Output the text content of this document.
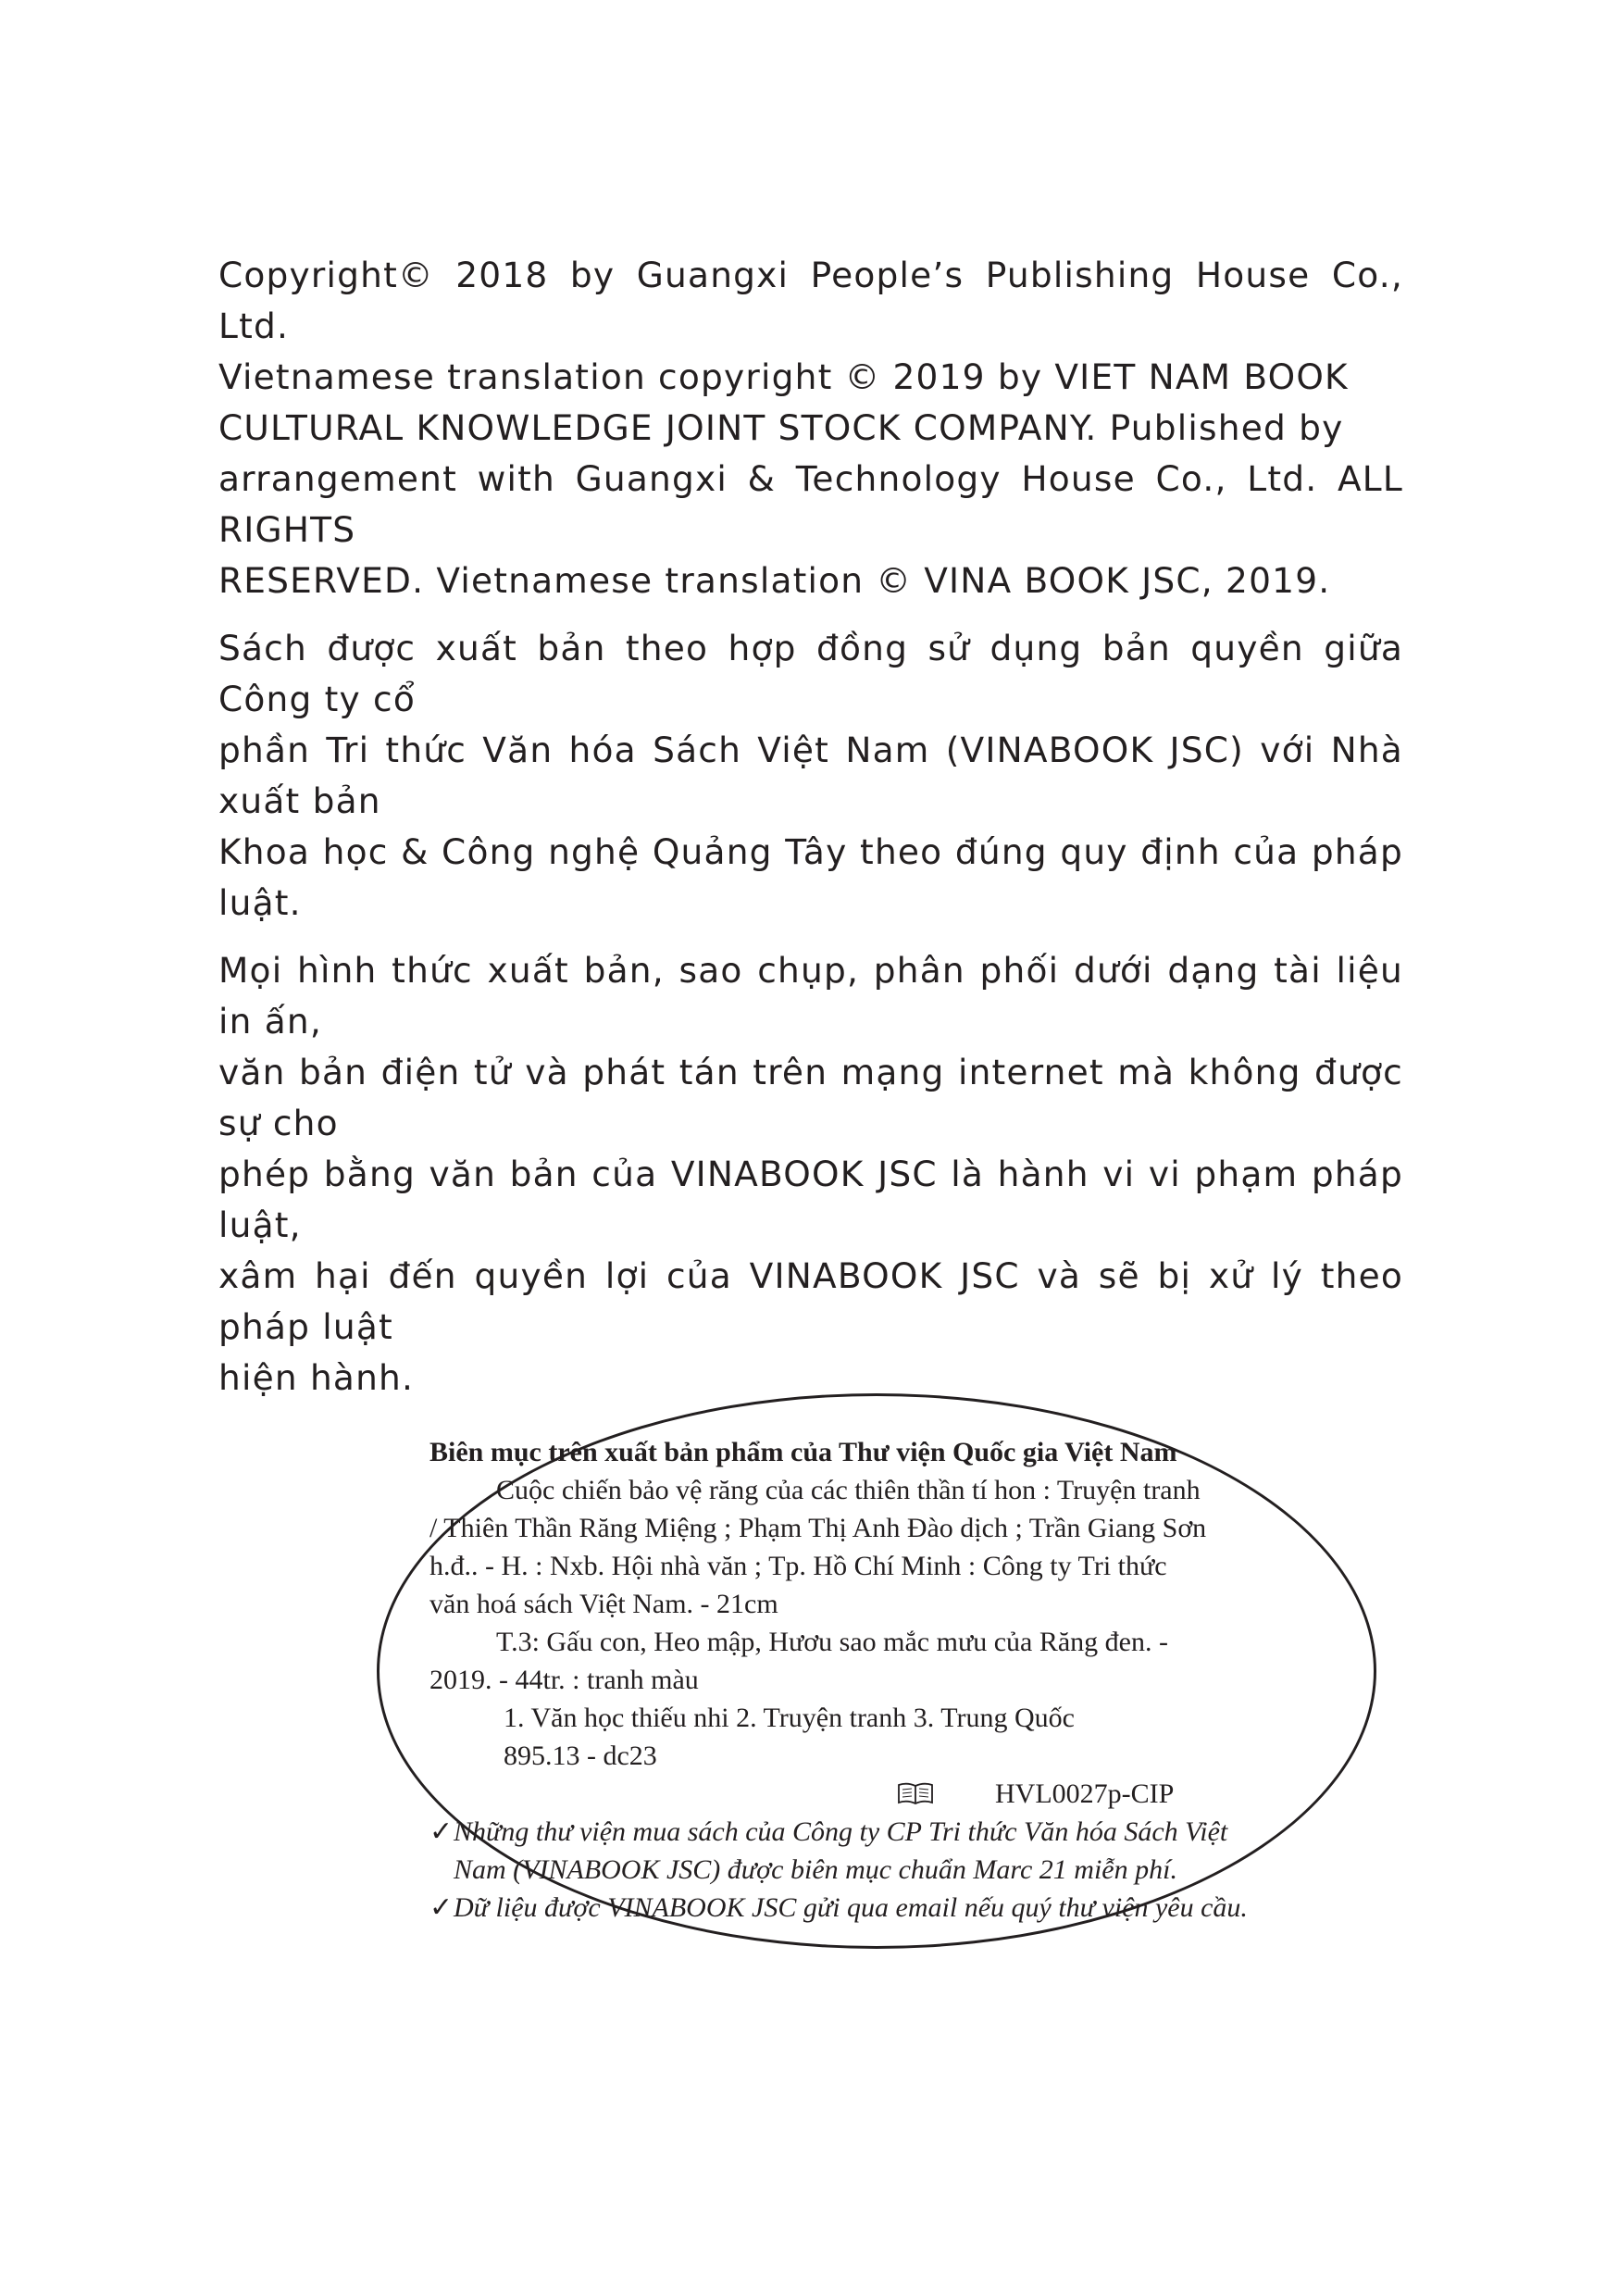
Copyright© 2018 by Guangxi People’s Publishing House Co., Ltd.
Vietnamese translation copyright © 2019 by VIET NAM BOOK
CULTURAL KNOWLEDGE JOINT STOCK COMPANY. Published by
arrangement with Guangxi & Technology House Co., Ltd. ALL RIGHTS
RESERVED. Vietnamese translation © VINA BOOK JSC, 2019.

Sách được xuất bản theo hợp đồng sử dụng bản quyền giữa Công ty cổ
phần Tri thức Văn hóa Sách Việt Nam (VINABOOK JSC) với Nhà xuất bản
Khoa học & Công nghệ Quảng Tây theo đúng quy định của pháp luật.

Mọi hình thức xuất bản, sao chụp, phân phối dưới dạng tài liệu in ấn,
văn bản điện tử và phát tán trên mạng internet mà không được sự cho
phép bằng văn bản của VINABOOK JSC là hành vi vi phạm pháp luật,
xâm hại đến quyền lợi của VINABOOK JSC và sẽ bị xử lý theo pháp luật
hiện hành.

Biên mục trên xuất bản phẩm của Thư viện Quốc gia Việt Nam
Cuộc chiến bảo vệ răng của các thiên thần tí hon : Truyện tranh
/ Thiên Thần Răng Miệng ; Phạm Thị Anh Đào dịch ; Trần Giang Sơn
h.đ.. - H. : Nxb. Hội nhà văn ; Tp. Hồ Chí Minh : Công ty Tri thức
văn hoá sách Việt Nam. - 21cm
T.3: Gấu con, Heo mập, Hươu sao mắc mưu của Răng đen. -
2019. - 44tr. : tranh màu
1. Văn học thiếu nhi 2. Truyện tranh 3. Trung Quốc
895.13 - dc23
HVL0027p-CIP
✓Những thư viện mua sách của Công ty CP Tri thức Văn hóa Sách Việt
Nam (VINABOOK JSC) được biên mục chuẩn Marc 21 miễn phí.
✓Dữ liệu được VINABOOK JSC gửi qua email nếu quý thư viện yêu cầu.
